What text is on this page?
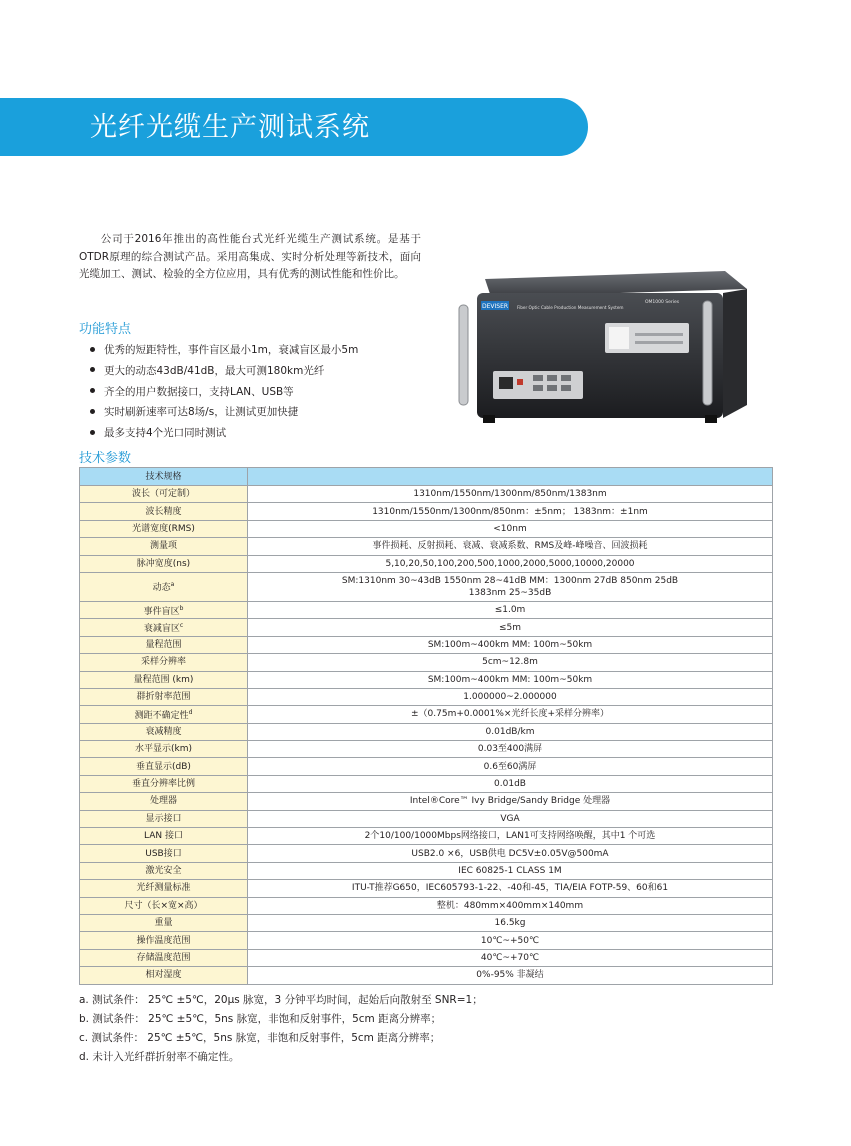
光纤光缆生产测试系统
公司于2016年推出的高性能台式光纤光缆生产测试系统。是基于OTDR原理的综合测试产品。采用高集成、实时分析处理等新技术，面向光缆加工、测试、检验的全方位应用，具有优秀的测试性能和性价比。
功能特点
优秀的短距特性，事件盲区最小1m，衰减盲区最小5m
更大的动态43dB/41dB，最大可测180km光纤
齐全的用户数据接口，支持LAN、USB等
实时刷新速率可达8场/s，让测试更加快捷
最多支持4个光口同时测试
技术参数
DEVISER
OM1000 Series
Fiber Optic Cable Production Measurement System
技术规格	
波长（可定制）	1310nm/1550nm/1300nm/850nm/1383nm

波长精度	1310nm/1550nm/1300nm/850nm：±5nm； 1383nm：±1nm

光谱宽度(RMS)	<10nm

测量项	事件损耗、反射损耗、衰减、衰减系数、RMS及峰-峰噪音、回波损耗

脉冲宽度(ns)	5,10,20,50,100,200,500,1000,2000,5000,10000,20000

动态$^a$	SM:1310nm 30~43dB 1550nm 28~41dB MM：1300nm 27dB 850nm 25dB
1383nm 25~35dB

事件盲区$^b$	≤1.0m

衰减盲区$^c$	≤5m

量程范围	SM:100m~400km MM: 100m~50km

采样分辨率	5cm~12.8m

量程范围 (km)	SM:100m~400km MM: 100m~50km

群折射率范围	1.000000~2.000000

测距不确定性$^d$	±（0.75m+0.0001%×光纤长度+采样分辨率）

衰减精度	0.01dB/km

水平显示(km)	0.03至400满屏

垂直显示(dB)	0.6至60满屏

垂直分辨率比例	0.01dB

处理器	Intel®Core™ Ivy Bridge/Sandy Bridge 处理器

显示接口	VGA

LAN 接口	2个10/100/1000Mbps网络接口，LAN1可支持网络唤醒，其中1 个可选

USB接口	USB2.0 ×6，USB供电 DC5V±0.05V@500mA

激光安全	IEC 60825-1 CLASS 1M

光纤测量标准	ITU-T推荐G650，IEC605793-1-22、-40和-45，TIA/EIA FOTP-59、60和61

尺寸（长×宽×高）	整机：480mm×400mm×140mm

重量	16.5kg

操作温度范围	10℃~+50℃

存储温度范围	40℃~+70℃

相对湿度	0%-95% 非凝结
a. 测试条件： 25℃ ±5℃，20μs 脉宽，3 分钟平均时间，起始后向散射至 SNR=1；
b. 测试条件： 25℃ ±5℃，5ns 脉宽，非饱和反射事件，5cm 距离分辨率；
c. 测试条件： 25℃ ±5℃，5ns 脉宽，非饱和反射事件，5cm 距离分辨率；
d. 未计入光纤群折射率不确定性。
